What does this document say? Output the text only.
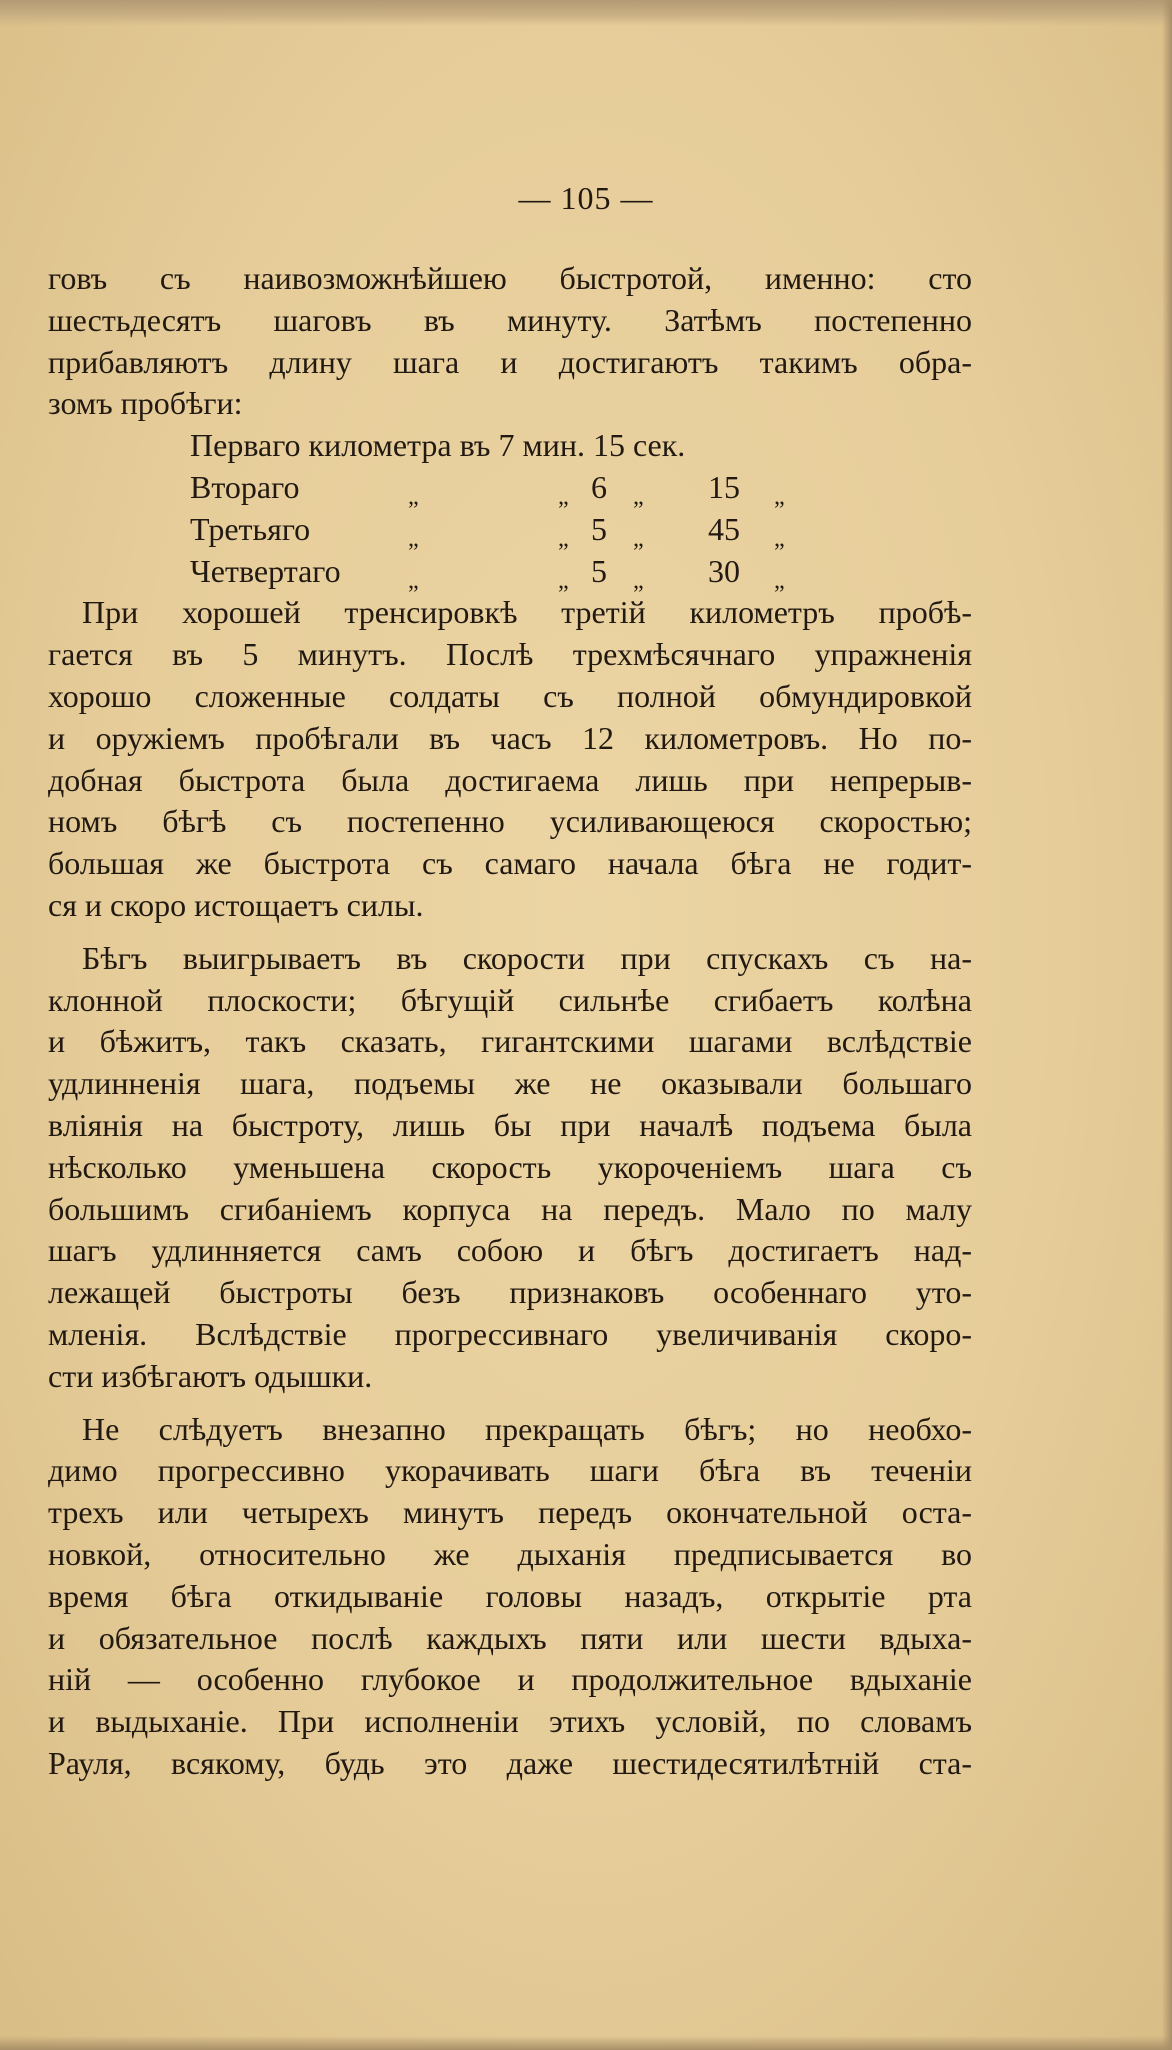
— 105 —
говъ съ наивозможнѣйшею быстротой, именно: сто
шестьдесятъ шаговъ въ минуту. Затѣмъ постепенно
прибавляютъ длину шага и достигаютъ такимъ обра-
зомъ пробѣги:
Перваго километра въ 7 мин. 15 сек.
Втораго	„	„ 6 „ 15 „
Третьяго	„	„ 5 „ 45 „
Четвертаго	„	„ 5 „ 30 „
При хорошей тренсировкѣ третій километръ пробѣ-
гается въ 5 минутъ. Послѣ трехмѣсячнаго упражненія
хорошо сложенные солдаты съ полной обмундировкой
и оружіемъ пробѣгали въ часъ 12 километровъ. Но по-
добная быстрота была достигаема лишь при непрерыв-
номъ бѣгѣ съ постепенно усиливающеюся скоростью;
большая же быстрота съ самаго начала бѣга не годит-
ся и скоро истощаетъ силы.
Бѣгъ выигрываетъ въ скорости при спускахъ съ на-
клонной плоскости; бѣгущій сильнѣе сгибаетъ колѣна
и бѣжитъ, такъ сказать, гигантскими шагами вслѣдствіе
удлинненія шага, подъемы же не оказывали большаго
вліянія на быстроту, лишь бы при началѣ подъема была
нѣсколько уменьшена скорость укороченіемъ шага съ
большимъ сгибаніемъ корпуса на передъ. Мало по малу
шагъ удлинняется самъ собою и бѣгъ достигаетъ над-
лежащей быстроты безъ признаковъ особеннаго уто-
мленія. Вслѣдствіе прогрессивнаго увеличиванія скоро-
сти избѣгаютъ одышки.
Не слѣдуетъ внезапно прекращать бѣгъ; но необхо-
димо прогрессивно укорачивать шаги бѣга въ теченіи
трехъ или четырехъ минутъ передъ окончательной оста-
новкой, относительно же дыханія предписывается во
время бѣга откидываніе головы назадъ, открытіе рта
и обязательное послѣ каждыхъ пяти или шести вдыха-
ній — особенно глубокое и продолжительное вдыханіе
и выдыханіе. При исполненіи этихъ условій, по словамъ
Рауля, всякому, будь это даже шестидесятилѣтній ста-
